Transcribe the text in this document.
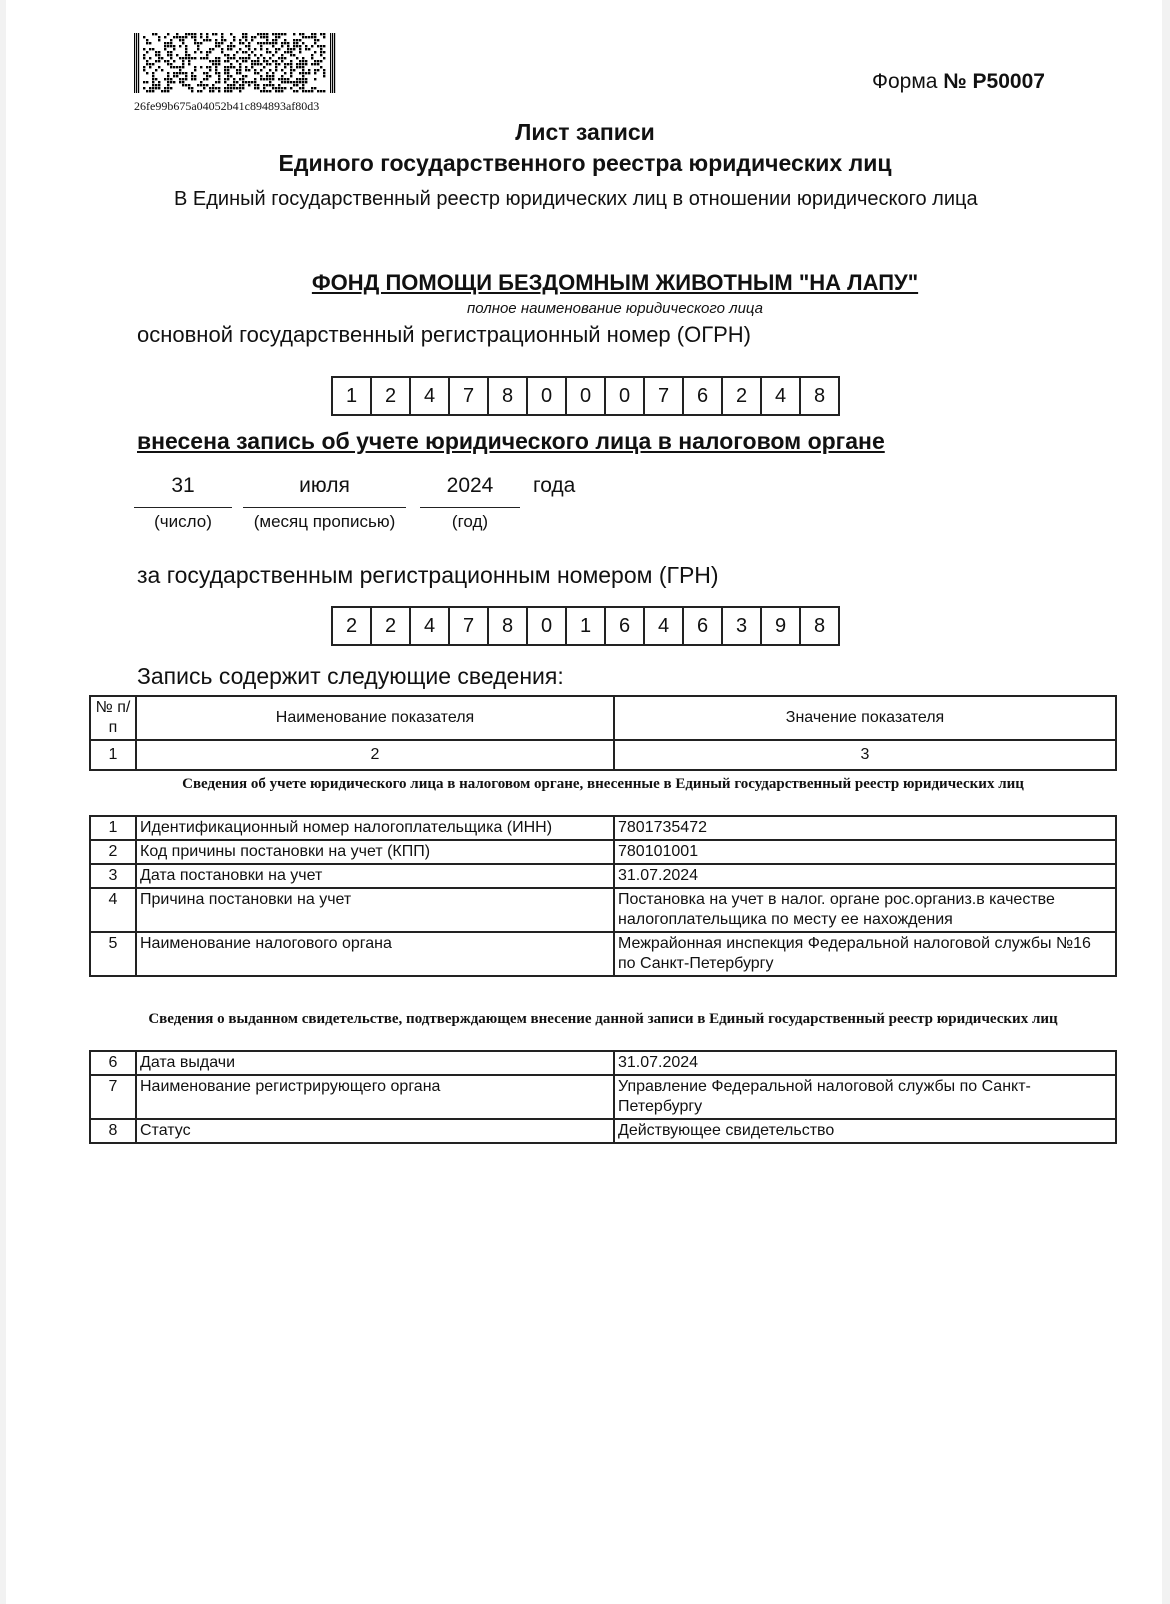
26fe99b675a04052b41c894893af80d3
Форма № Р50007
Лист записи
Единого государственного реестра юридических лиц
В Единый государственный реестр юридических лиц в отношении юридического лица
ФОНД ПОМОЩИ БЕЗДОМНЫМ ЖИВОТНЫМ "НА ЛАПУ"
полное наименование юридического лица
основной государственный регистрационный номер (ОГРН)
1	2	4	7	8	0	0	0	7	6	2	4	8
внесена запись об учете юридического лица в налоговом органе
31
(число)
июля
(месяц прописью)
2024
(год)
года
за государственным регистрационным номером (ГРН)
2	2	4	7	8	0	1	6	4	6	3	9	8
Запись содержит следующие сведения:
№ п/п	Наименование показателя	Значение показателя
1	2	3
Сведения об учете юридического лица в налоговом органе, внесенные в Единый государственный реестр юридических лиц
1	Идентификационный номер налогоплательщика (ИНН)	7801735472
2	Код причины постановки на учет (КПП)	780101001
3	Дата постановки на учет	31.07.2024
4	Причина постановки на учет	Постановка на учет в налог. органе рос.организ.в качестве налогоплательщика по месту ее нахождения
5	Наименование налогового органа	Межрайонная инспекция Федеральной налоговой службы №16 по Санкт-Петербургу
Сведения о выданном свидетельстве, подтверждающем внесение данной записи в Единый государственный реестр юридических лиц
6	Дата выдачи	31.07.2024
7	Наименование регистрирующего органа	Управление Федеральной налоговой службы по Санкт-Петербургу
8	Статус	Действующее свидетельство
